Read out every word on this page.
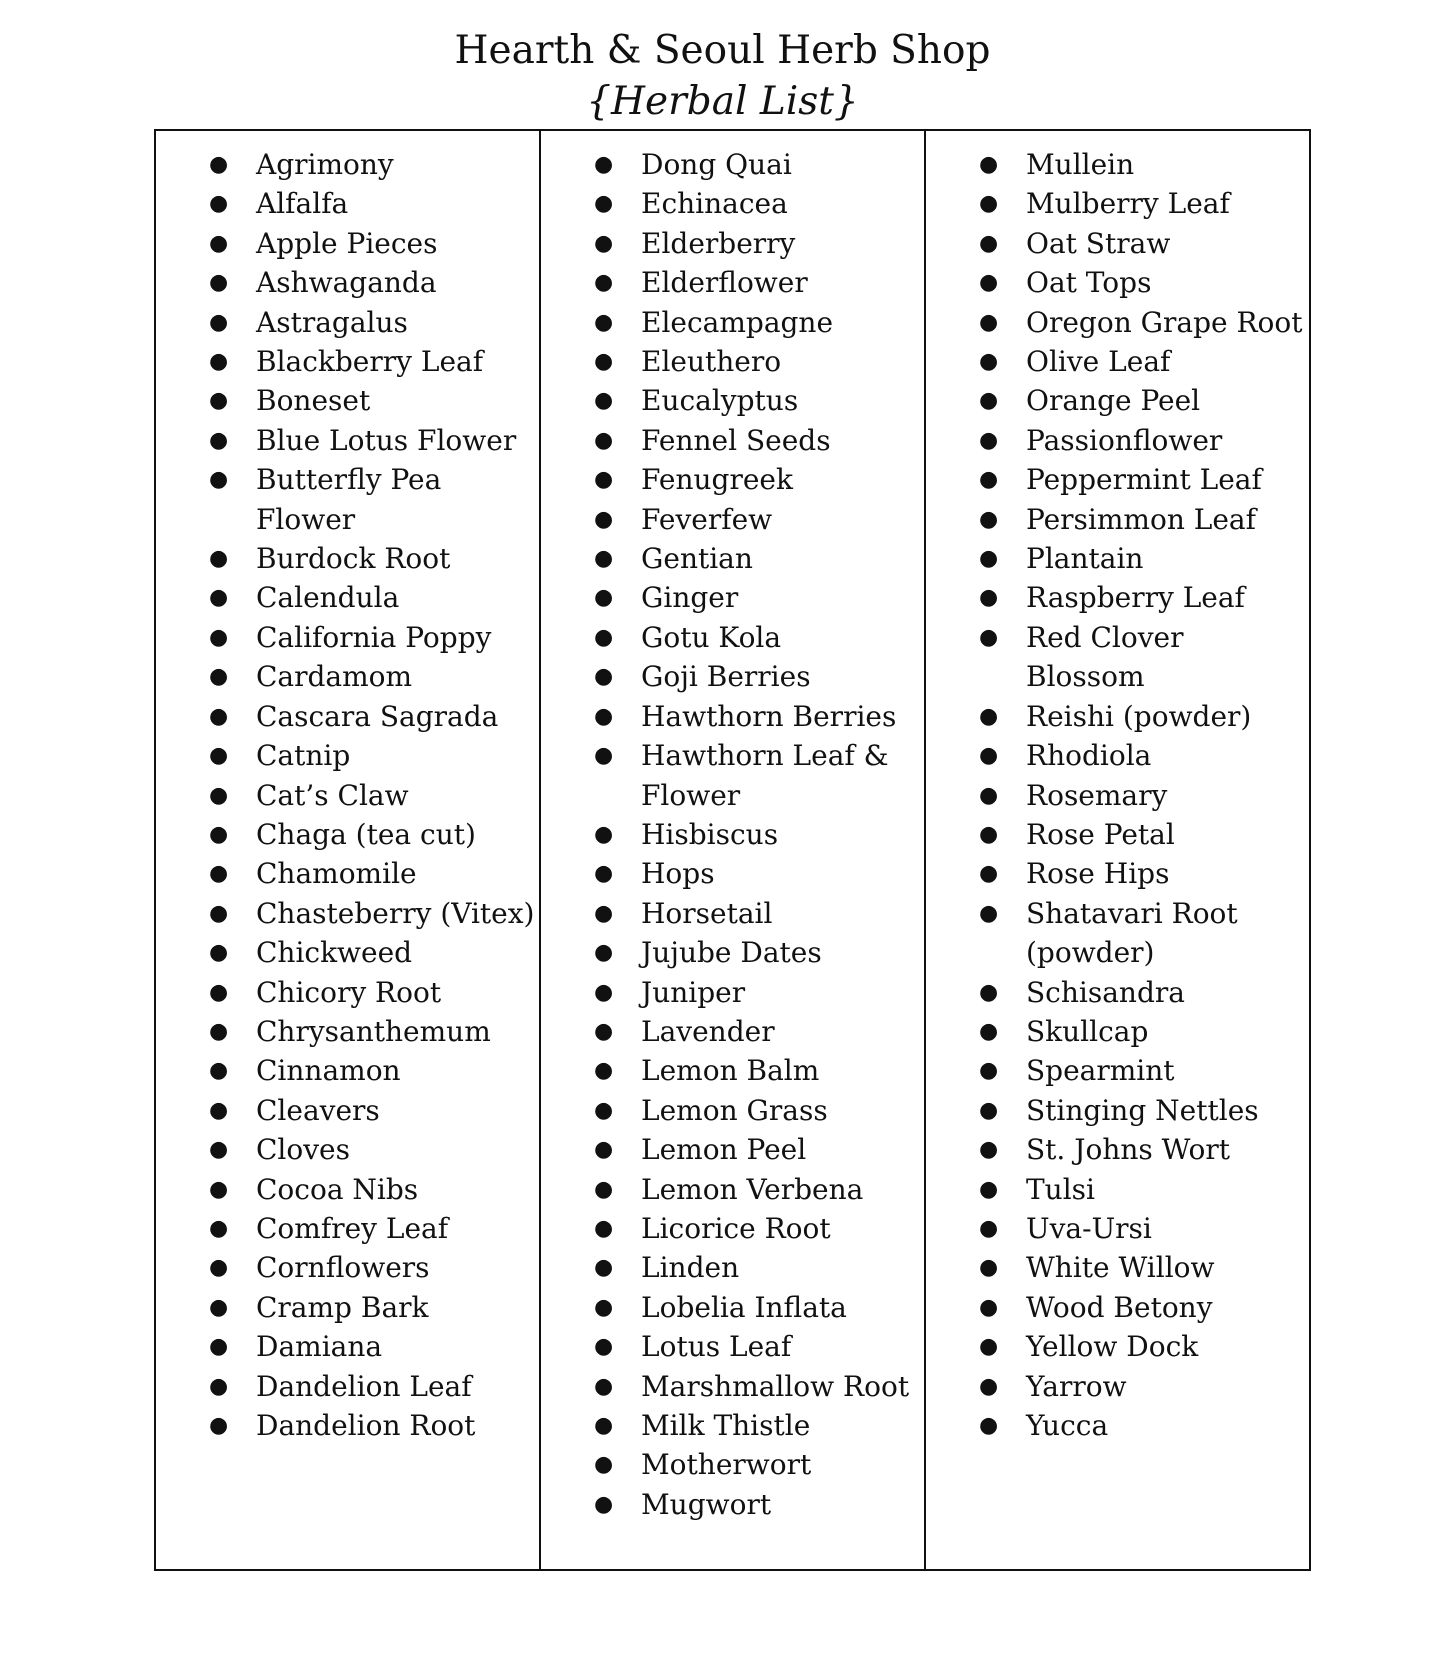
Hearth & Seoul Herb Shop
{Herbal List}
● Agrimony
● Alfalfa
● Apple Pieces
● Ashwaganda
● Astragalus
● Blackberry Leaf
● Boneset
● Blue Lotus Flower
● Butterfly Pea Flower
● Burdock Root
● Calendula
● California Poppy
● Cardamom
● Cascara Sagrada
● Catnip
● Cat’s Claw
● Chaga (tea cut)
● Chamomile
● Chasteberry (Vitex)
● Chickweed
● Chicory Root
● Chrysanthemum
● Cinnamon
● Cleavers
● Cloves
● Cocoa Nibs
● Comfrey Leaf
● Cornflowers
● Cramp Bark
● Damiana
● Dandelion Leaf
● Dandelion Root
● Dong Quai
● Echinacea
● Elderberry
● Elderflower
● Elecampagne
● Eleuthero
● Eucalyptus
● Fennel Seeds
● Fenugreek
● Feverfew
● Gentian
● Ginger
● Gotu Kola
● Goji Berries
● Hawthorn Berries
● Hawthorn Leaf & Flower
● Hisbiscus
● Hops
● Horsetail
● Jujube Dates
● Juniper
● Lavender
● Lemon Balm
● Lemon Grass
● Lemon Peel
● Lemon Verbena
● Licorice Root
● Linden
● Lobelia Inflata
● Lotus Leaf
● Marshmallow Root
● Milk Thistle
● Motherwort
● Mugwort
● Mullein
● Mulberry Leaf
● Oat Straw
● Oat Tops
● Oregon Grape Root
● Olive Leaf
● Orange Peel
● Passionflower
● Peppermint Leaf
● Persimmon Leaf
● Plantain
● Raspberry Leaf
● Red Clover Blossom
● Reishi (powder)
● Rhodiola
● Rosemary
● Rose Petal
● Rose Hips
● Shatavari Root (powder)
● Schisandra
● Skullcap
● Spearmint
● Stinging Nettles
● St. Johns Wort
● Tulsi
● Uva-Ursi
● White Willow
● Wood Betony
● Yellow Dock
● Yarrow
● Yucca
